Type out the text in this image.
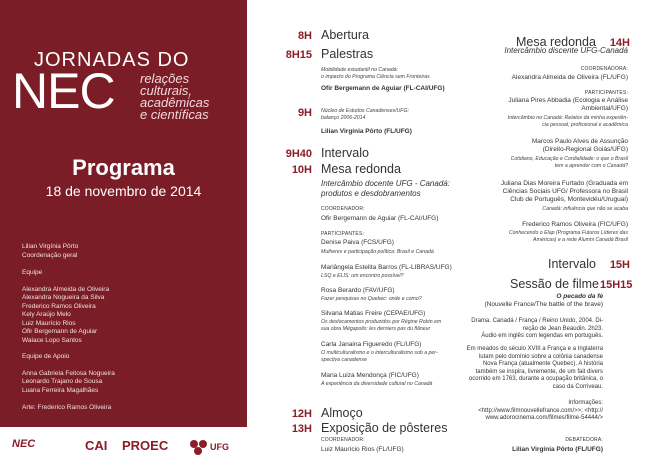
JORNADAS DO
NEC relações
culturais,
acadêmicas
e científicas
Programa
18 de novembro de 2014
Lilian Virgínia Pôrto
Coordenação geral
Equipe
Alexandra Almeida de Oliveira
Alexandra Nogueira da Silva
Frederico Ramos Oliveira
Kely Araújo Melo
Luiz Maurício Rios
Ofir Bergemann de Aguiar
Walace Lopo Santos
Equipe de Apoio
Anna Gabriela Feitosa Nogueira
Leonardo Trajano de Sousa
Luana Ferreira Magalhães
Arte: Frederico Ramos Oliveira
NEC	CAI PROEC	UFG
8H Abertura
8H15 Palestras
Mobilidade estudantil no Canadá:
o impacto do Programa Ciência sem Fronteiras
Ofir Bergemann de Aguiar (FL-CAI/UFG)
9H Núcleo de Estudos Canadenses/UFG:
balanço 2006-2014
Lilian Virgínia Pôrto (FL/UFG)
9H40 Intervalo
10H Mesa redonda
Intercâmbio docente UFG - Canadá:
produtos e desdobramentos
COORDENADOR:
Ofir Bergemann de Aguiar (FL-CAI/UFG)
PARTICIPANTES:
Denise Paiva (FCS/UFG)
Mulheres e participação política: Brasil e Canadá
Mariângela Estelita Barros (FL-LIBRAS/UFG)
LSQ e ELIS: um encontro possível?
Rosa Berardo (FAV/UFG)
Fazer pesquisas no Quebec: onde e como?
Silvana Matias Freire (CEPAE/UFG)
Os deslocamentos produzidos por Régine Robin em
sua obra Mégapolis: les derniers pas du flâneur
Carla Janaina Figueredo (FL/UFG)
O multiculturalismo e o interculturalismo sob a per-
spectiva canadense
Maria Luiza Mendonça (FIC/UFG)
A experiência da diversidade cultural no Canadá
12H Almoço
13H Exposição de pôsteres
COORDENADOR:
Luiz Maurício Rios (FL/UFG)
Mesa redonda	14H
Intercâmbio discente UFG-Canadá
COORDENADORA:
Alexandra Almeida de Oliveira (FL/UFG)
PARTICIPANTES:
Juliana Pires Abbadia (Ecologia e Análise
Ambiental/UFG)
Intercâmbio no Canadá: Relatos da minha experiên-
cia pessoal, profissional e acadêmica
Marcos Paulo Alves de Assunção
(Direito-Regional Goiás/UFG)
Cotidiano, Educação e Cordialidade: o que o Brasil
tem a aprender com o Canadá?
Juliana Dias Moreira Furtado (Graduada em
Ciências Sociais UFG/ Professora no Brasil
Club de Português, Montevidéu/Uruguai)
Canadá: influência que não se acaba
Frederico Ramos Oliveira (FIC/UFG)
Conhecendo o Elap (Programa Futuros Líderes das
Américas) e a rede Alumni Canadá Brasil
Intervalo	15H
Sessão de filme 15H15
O pecado da fé
(Nouvelle France/The battle of the brave)
Drama. Canadá / França / Reino Unido, 2004. Di-
reção de Jean Beaudin. 2h23.
Áudio em inglês com legendas em português.
Em meados do século XVIII a França e a Inglaterra
lutam pelo domínio sobre a colônia canadense
Nova França (atualmente Quebec). A história
também se inspira, livremente, de um fait divers
ocorrido em 1763, durante a ocupação britânica, o
caso da Corriveau.
Informações:
<http://www.filmnouvellefrance.com/>>; <http://
www.adorocinema.com/filmes/filme-54444/>
DEBATEDORA:
Lilian Virgínia Pôrto (FL/UFG)
